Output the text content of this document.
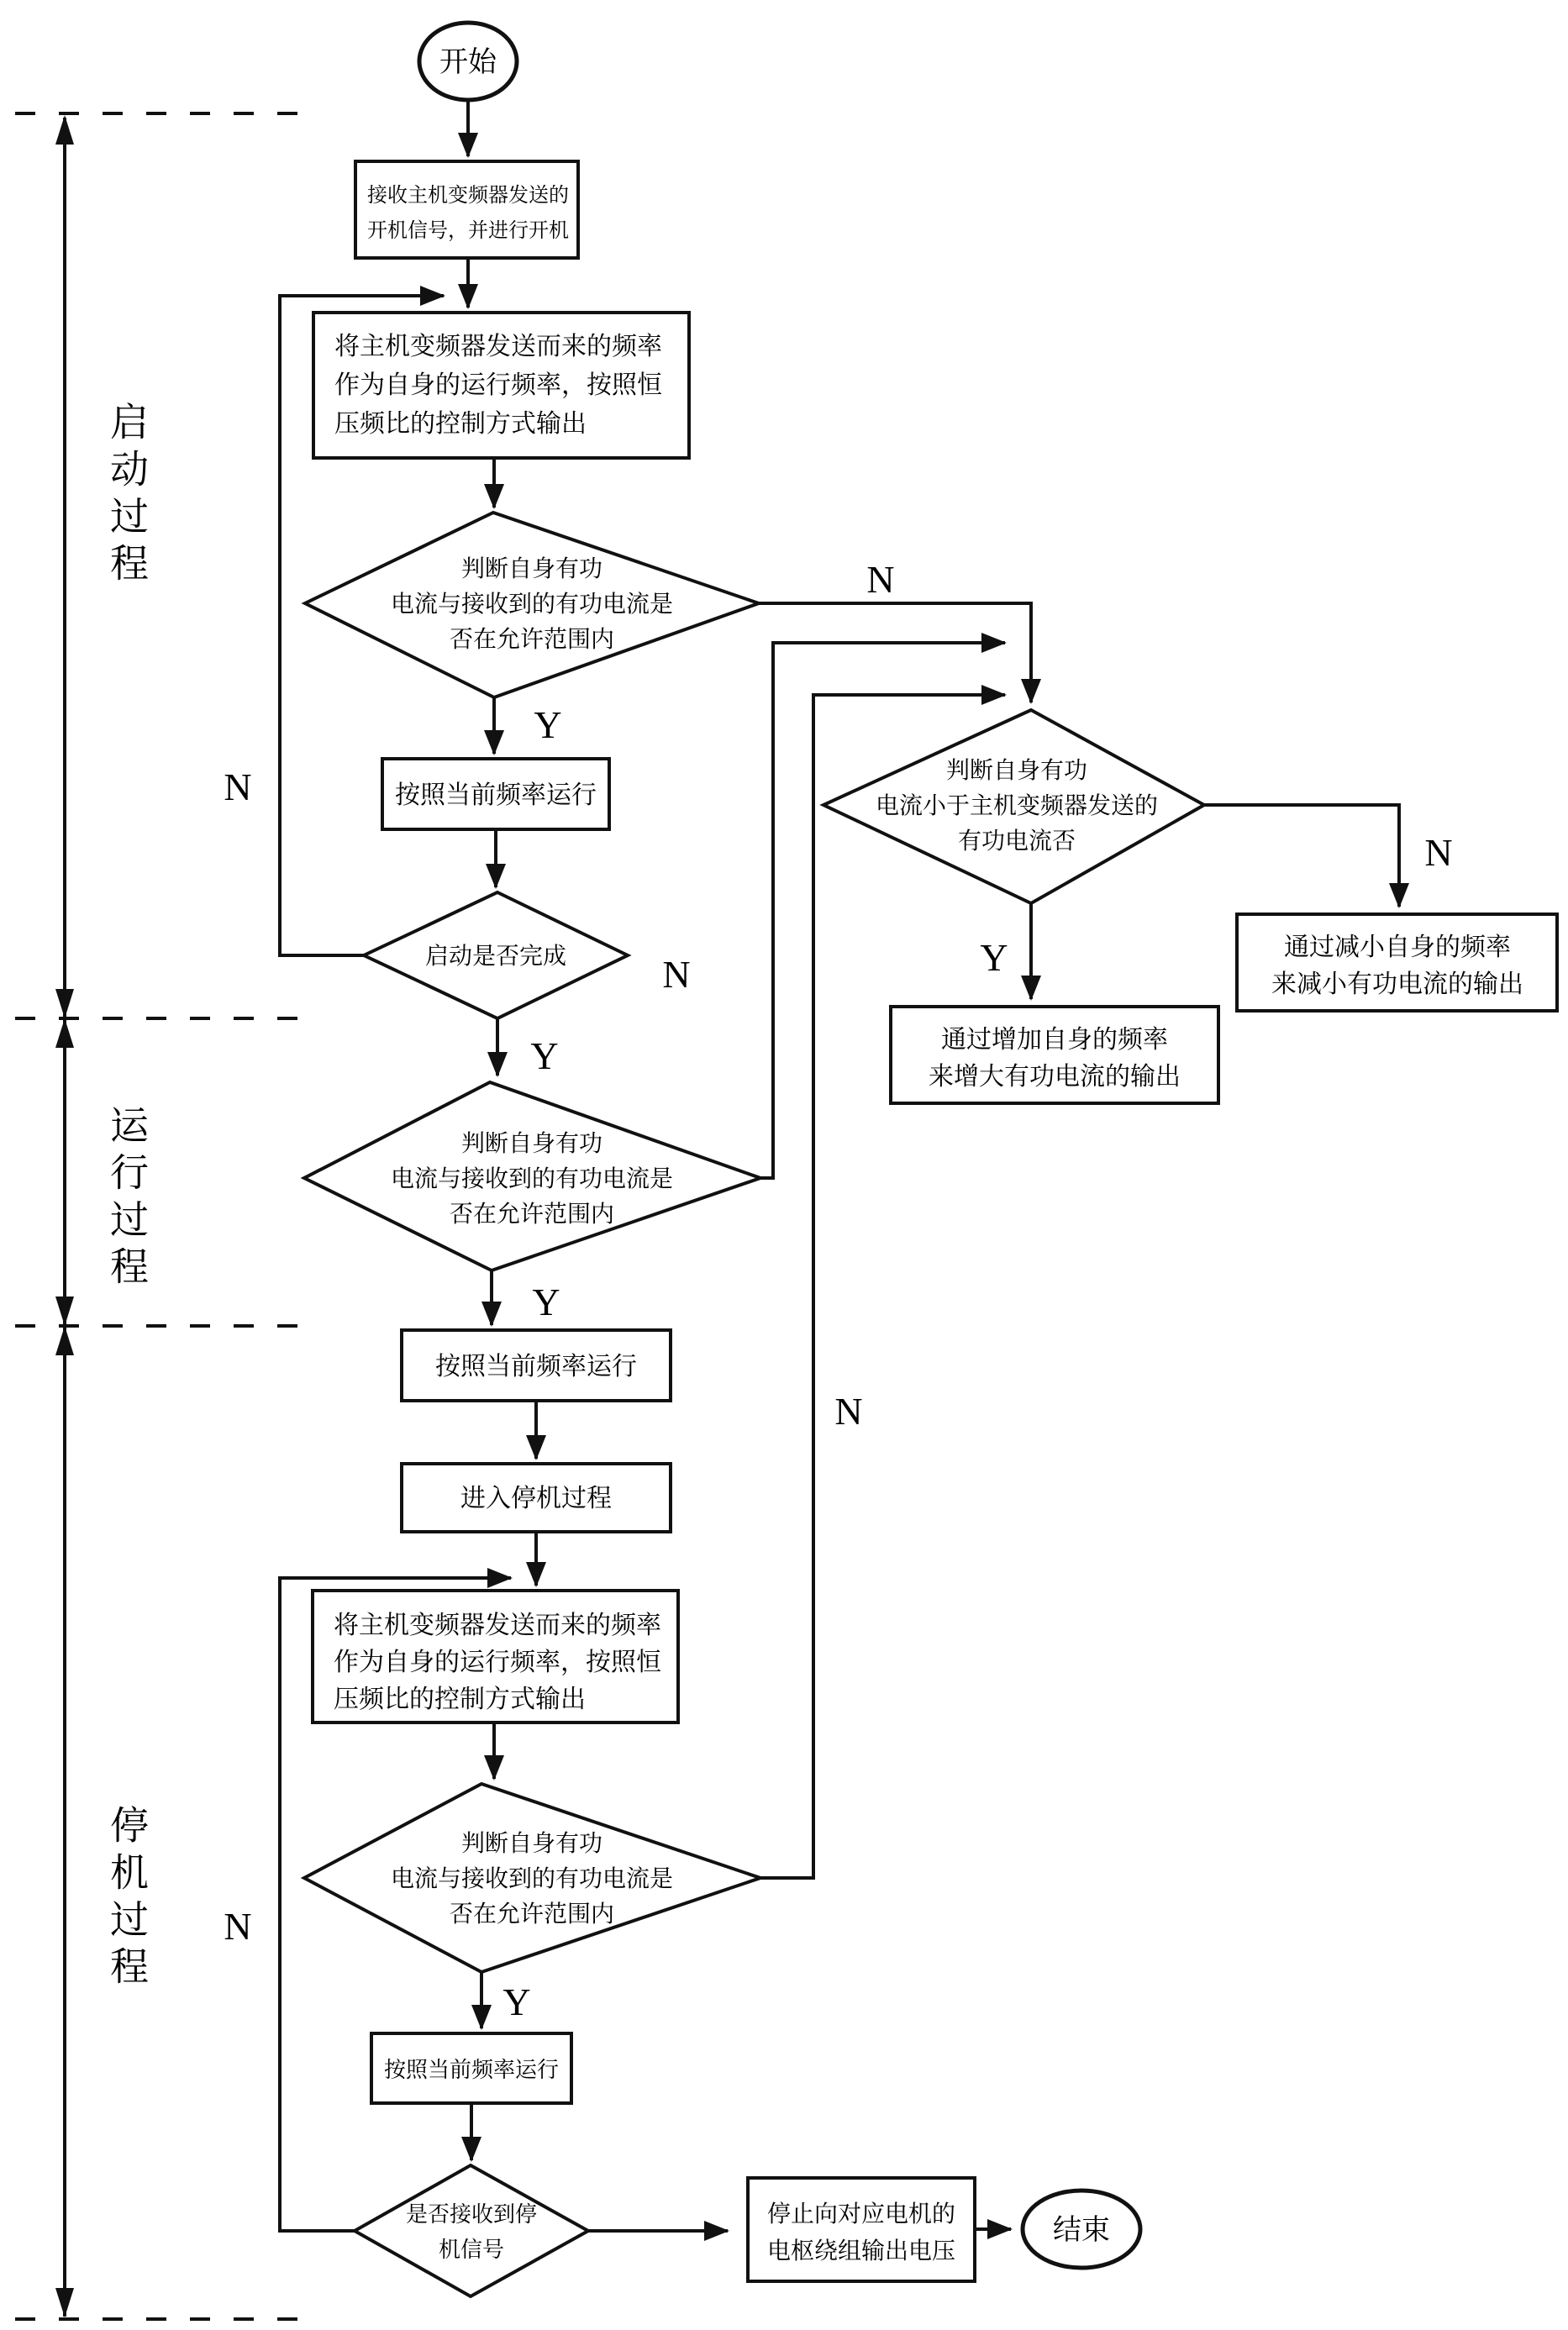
开始
接收主机变频器发送的
开机信号，并进行开机
将主机变频器发送而来的频率
作为自身的运行频率，按照恒
压频比的控制方式输出
判断自身有功
电流与接收到的有功电流是
否在允许范围内
按照当前频率运行
启动是否完成
判断自身有功
电流与接收到的有功电流是
否在允许范围内
按照当前频率运行
进入停机过程
将主机变频器发送而来的频率
作为自身的运行频率，按照恒
压频比的控制方式输出
判断自身有功
电流与接收到的有功电流是
否在允许范围内
按照当前频率运行
是否接收到停
机信号
停止向对应电机的
电枢绕组输出电压
结束
判断自身有功
电流小于主机变频器发送的
有功电流否
通过增加自身的频率
来增大有功电流的输出
通过减小自身的频率
来减小有功电流的输出
Y
Y
Y
Y
Y
N
N
N
N
N
N
启动过程
运行过程
停机过程
